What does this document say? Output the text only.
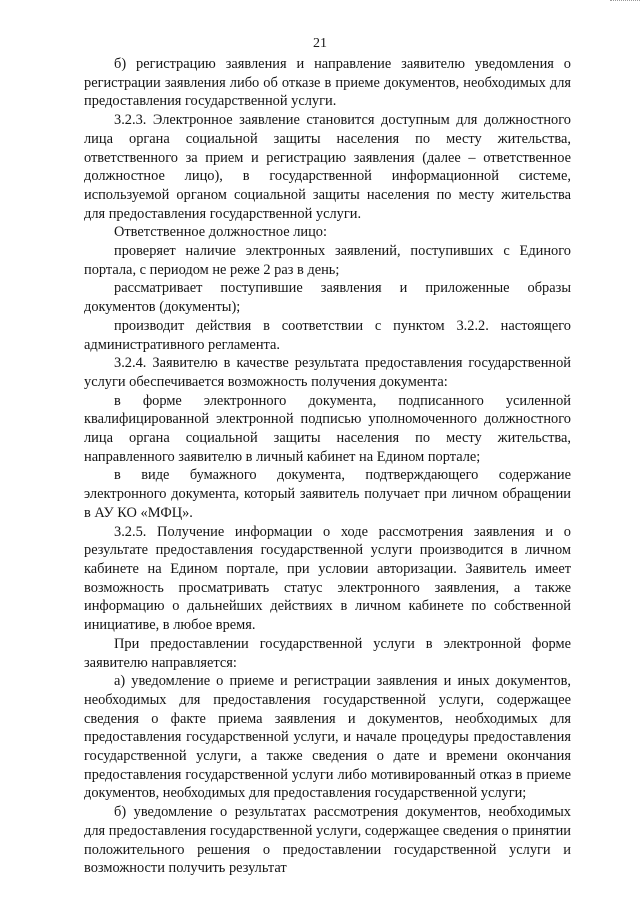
21

б) регистрацию заявления и направление заявителю уведомления о регистрации заявления либо об отказе в приеме документов, необходимых для предоставления государственной услуги.

3.2.3. Электронное заявление становится доступным для должностного лица органа социальной защиты населения по месту жительства, ответственного за прием и регистрацию заявления (далее – ответственное должностное лицо), в государственной информационной системе, используемой органом социальной защиты населения по месту жительства для предоставления государственной услуги.

Ответственное должностное лицо:

проверяет наличие электронных заявлений, поступивших с Единого портала, с периодом не реже 2 раз в день;

рассматривает поступившие заявления и приложенные образы документов (документы);

производит действия в соответствии с пунктом 3.2.2. настоящего административного регламента.

3.2.4. Заявителю в качестве результата предоставления государственной услуги обеспечивается возможность получения документа:

в форме электронного документа, подписанного усиленной квалифицированной электронной подписью уполномоченного должностного лица органа социальной защиты населения по месту жительства, направленного заявителю в личный кабинет на Едином портале;

в виде бумажного документа, подтверждающего содержание электронного документа, который заявитель получает при личном обращении в АУ КО «МФЦ».

3.2.5. Получение информации о ходе рассмотрения заявления и о результате предоставления государственной услуги производится в личном кабинете на Едином портале, при условии авторизации. Заявитель имеет возможность просматривать статус электронного заявления, а также информацию о дальнейших действиях в личном кабинете по собственной инициативе, в любое время.

При предоставлении государственной услуги в электронной форме заявителю направляется:

а) уведомление о приеме и регистрации заявления и иных документов, необходимых для предоставления государственной услуги, содержащее сведения о факте приема заявления и документов, необходимых для предоставления государственной услуги, и начале процедуры предоставления государственной услуги, а также сведения о дате и времени окончания предоставления государственной услуги либо мотивированный отказ в приеме документов, необходимых для предоставления государственной услуги;

б) уведомление о результатах рассмотрения документов, необходимых для предоставления государственной услуги, содержащее сведения о принятии положительного решения о предоставлении государственной услуги и возможности получить результат
